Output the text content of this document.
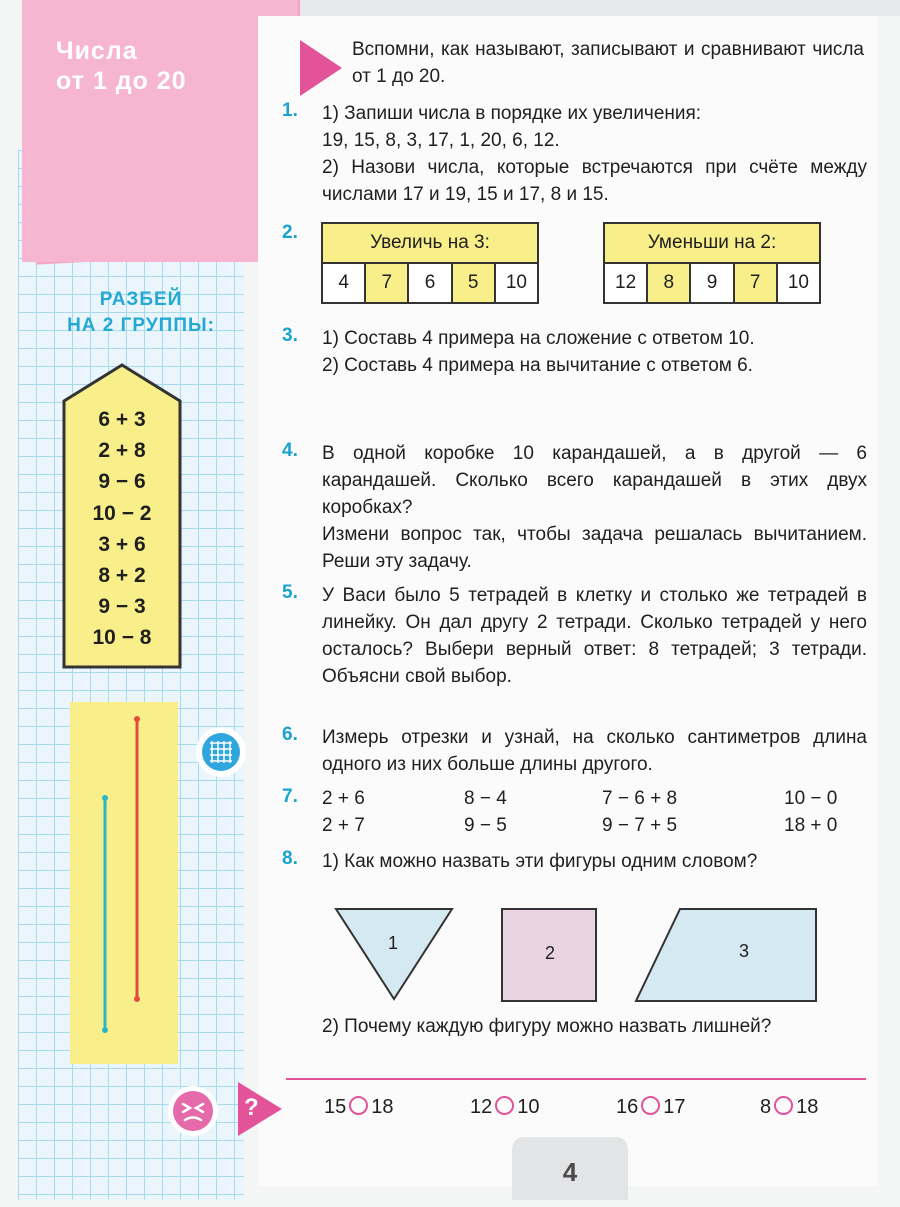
Числа
от 1 до 20
РАЗБЕЙ
НА 2 ГРУППЫ:
6 + 3
2 + 8
9 − 6
10 − 2
3 + 6
8 + 2
9 − 3
10 − 8
Вспомни, как называют, записывают и сравнивают числа от 1 до 20.
1. 1) Запиши числа в порядке их увеличения:

19, 15, 8, 3, 17, 1, 20, 6, 12.

2) Назови числа, которые встречаются при счёте между числами 17 и 19, 15 и 17, 8 и 15.

2.	Увеличь на 3:
4	7	6	5	10
Уменьши на 2:
12	8	9	7	10
3. 1) Составь 4 примера на сложение с ответом 10.

2) Составь 4 примера на вычитание с ответом 6.

4. В одной коробке 10 карандашей, а в другой — 6 карандашей. Сколько всего карандашей в этих двух коробках?

Измени вопрос так, чтобы задача решалась вычитанием. Реши эту задачу.

5. У Васи было 5 тетрадей в клетку и столько же тетрадей в линейку. Он дал другу 2 тетради. Сколько тетрадей у него осталось? Выбери верный ответ: 8 тетрадей; 3 тетради. Объясни свой выбор.

6. Измерь отрезки и узнай, на сколько сантиметров длина одного из них больше длины другого.

7. 2 + 6	8 − 4	7 − 6 + 8	10 − 0
2 + 7	9 − 5	9 − 7 + 5	18 + 0
8. 1) Как можно назвать эти фигуры одним словом?

1	2	3

2) Почему каждую фигуру можно назвать лишней?

?	15 18	12 10	16 17	8 18
4
